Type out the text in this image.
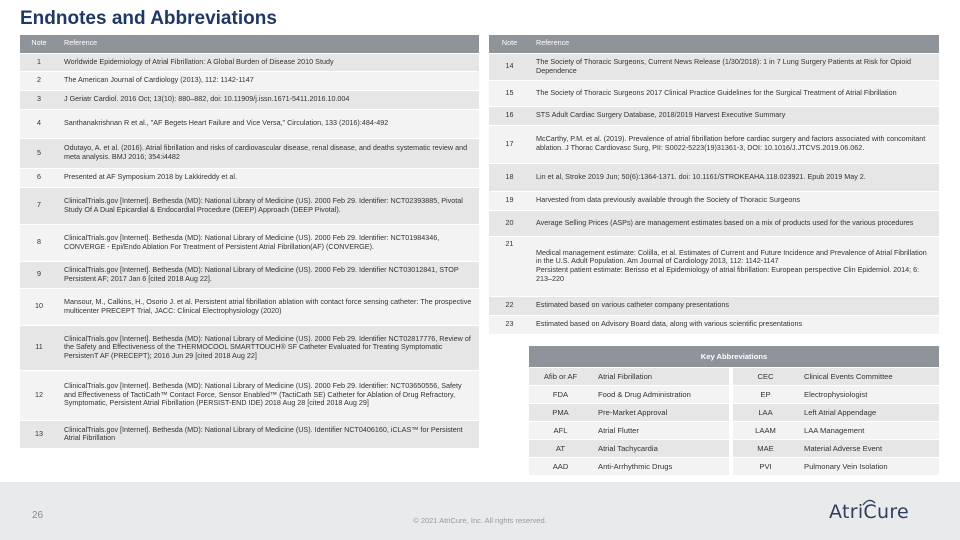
Endnotes and Abbreviations
Note	Reference
1	Worldwide Epidemiology of Atrial Fibrillation: A Global Burden of Disease 2010 Study
2	The American Journal of Cardiology (2013), 112: 1142-1147
3	J Geriatr Cardiol. 2016 Oct; 13(10): 880–882, doi: 10.11909/j.issn.1671-5411.2016.10.004
4	Santhanakrishnan R et al., "AF Begets Heart Failure and Vice Versa," Circulation, 133 (2016):484-492
5	Odutayo, A. et al. (2016). Atrial fibrillation and risks of cardiovascular disease, renal disease, and deaths systematic review and meta analysis. BMJ 2016; 354:i4482
6	Presented at AF Symposium 2018 by Lakkireddy et al.
7	ClinicalTrials.gov [Internet]. Bethesda (MD): National Library of Medicine (US). 2000 Feb 29. Identifier: NCT02393885, Pivotal Study Of A Dual Epicardial & Endocardial Procedure (DEEP) Approach (DEEP Pivotal).
8	ClinicalTrials.gov [Internet]. Bethesda (MD): National Library of Medicine (US). 2000 Feb 29. Identifier: NCT01984346, CONVERGE - Epi/Endo Ablation For Treatment of Persistent Atrial Fibrillation(AF) (CONVERGE).
9	ClinicalTrials.gov [Internet]. Bethesda (MD): National Library of Medicine (US). 2000 Feb 29. Identifier NCT03012841, STOP Persistent AF; 2017 Jan 6 [cited 2018 Aug 22].
10	Mansour, M., Calkins, H., Osorio J. et al. Persistent atrial fibrillation ablation with contact force sensing catheter: The prospective multicenter PRECEPT Trial, JACC: Clinical Electrophysiology (2020)
11	ClinicalTrials.gov [Internet]. Bethesda (MD): National Library of Medicine (US). 2000 Feb 29. Identifier NCT02817776, Review of the Safety and Effectiveness of the THERMOCOOL SMARTTOUCH® SF Catheter Evaluated for Treating Symptomatic PersistenT AF (PRECEPT); 2016 Jun 29 [cited 2018 Aug 22]
12	ClinicalTrials.gov [Internet]. Bethesda (MD): National Library of Medicine (US). 2000 Feb 29. Identifier: NCT03650556, Safety and Effectiveness of TactiCath™ Contact Force, Sensor Enabled™ (TactiCath SE) Catheter for Ablation of Drug Refractory, Symptomatic, Persistent Atrial Fibrillation (PERSIST-END IDE) 2018 Aug 28 [cited 2018 Aug 29]
13	ClinicalTrials.gov [Internet]. Bethesda (MD): National Library of Medicine (US). Identifier NCT0406160, iCLAS™ for Persistent Atrial Fibrillation
Note	Reference
14	The Society of Thoracic Surgeons, Current News Release (1/30/2018): 1 in 7 Lung Surgery Patients at Risk for Opioid Dependence
15	The Society of Thoracic Surgeons 2017 Clinical Practice Guidelines for the Surgical Treatment of Atrial Fibrillation
16	STS Adult Cardiac Surgery Database, 2018/2019 Harvest Executive Summary
17	McCarthy, P.M. et al. (2019). Prevalence of atrial fibrillation before cardiac surgery and factors associated with concomitant ablation. J Thorac Cardiovasc Surg, PII: S0022-5223(19)31361-3, DOI: 10.1016/J.JTCVS.2019.06.062.
18	Lin et al, Stroke 2019 Jun; 50(6):1364-1371. doi: 10.1161/STROKEAHA.118.023921. Epub 2019 May 2.
19	Harvested from data previously available through the Society of Thoracic Surgeons
20	Average Selling Prices (ASPs) are management estimates based on a mix of products used for the various procedures
21	Medical management estimate: Colilla, et al. Estimates of Current and Future Incidence and Prevalence of Atrial Fibrillation in the U.S. Adult Population. Am Journal of Cardiology 2013, 112: 1142-1147
Persistent patient estimate: Berisso et al Epidemiology of atrial fibrillation: European perspective Clin Epidemiol. 2014; 6: 213–220

22	Estimated based on various catheter company presentations
23	Estimated based on Advisory Board data, along with various scientific presentations
Key Abbreviations			
Afib or AF	Atrial Fibrillation	CEC	Clinical Events Committee
FDA	Food & Drug Administration	EP	Electrophysiologist
PMA	Pre-Market Approval	LAA	Left Atrial Appendage
AFL	Atrial Flutter	LAAM	LAA Management
AT	Atrial Tachycardia	MAE	Material Adverse Event
AAD	Anti-Arrhythmic Drugs	PVI	Pulmonary Vein Isolation
26	© 2021 AtriCure, Inc. All rights reserved.	Atri C ure
